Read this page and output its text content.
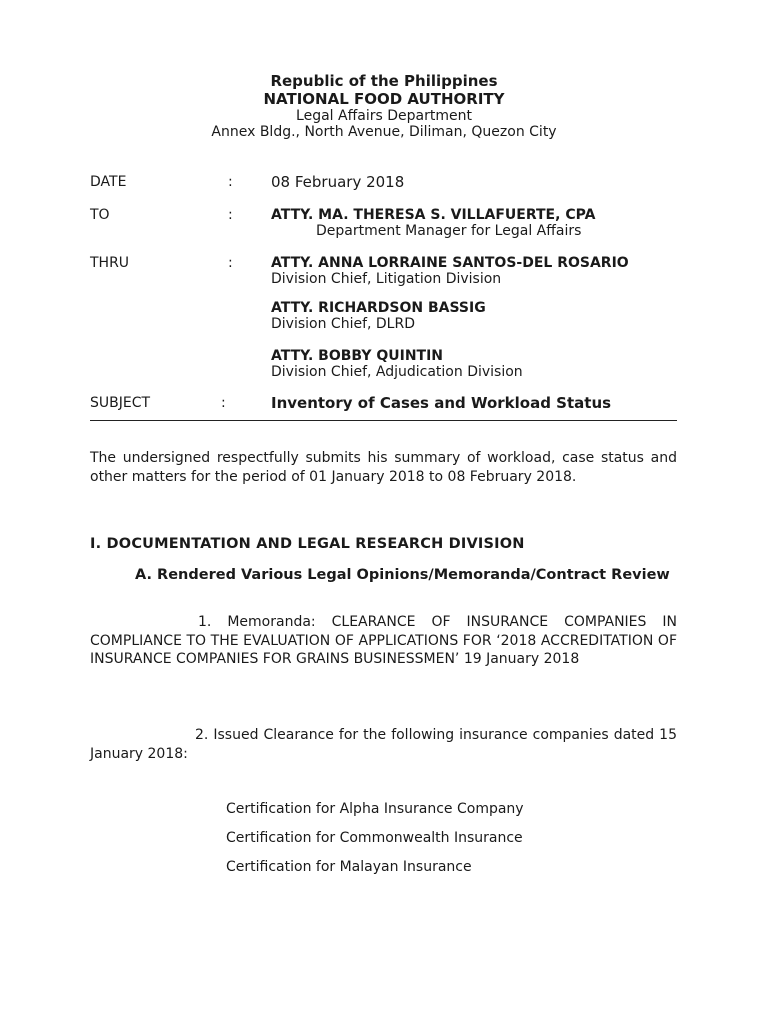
Republic of the Philippines
NATIONAL FOOD AUTHORITY
Legal Affairs Department
Annex Bldg., North Avenue, Diliman, Quezon City
DATE	:	08 February 2018
TO	:	ATTY. MA. THERESA S. VILLAFUERTE, CPA
Department Manager for Legal Affairs
THRU	:	ATTY. ANNA LORRAINE SANTOS-DEL ROSARIO
Division Chief, Litigation Division
ATTY. RICHARDSON BASSIG
Division Chief, DLRD
ATTY. BOBBY QUINTIN
Division Chief, Adjudication Division
SUBJECT	:	Inventory of Cases and Workload Status
The undersigned respectfully submits his summary of workload, case status and other matters for the period of 01 January 2018 to 08 February 2018.
I. DOCUMENTATION AND LEGAL RESEARCH DIVISION
A. Rendered Various Legal Opinions/Memoranda/Contract Review
1. Memoranda: CLEARANCE OF INSURANCE COMPANIES IN COMPLIANCE TO THE EVALUATION OF APPLICATIONS FOR ‘2018 ACCREDITATION OF INSURANCE COMPANIES FOR GRAINS BUSINESSMEN’ 19 January 2018
2. Issued Clearance for the following insurance companies dated 15 January 2018:
Certification for Alpha Insurance Company
Certification for Commonwealth Insurance
Certification for Malayan Insurance
